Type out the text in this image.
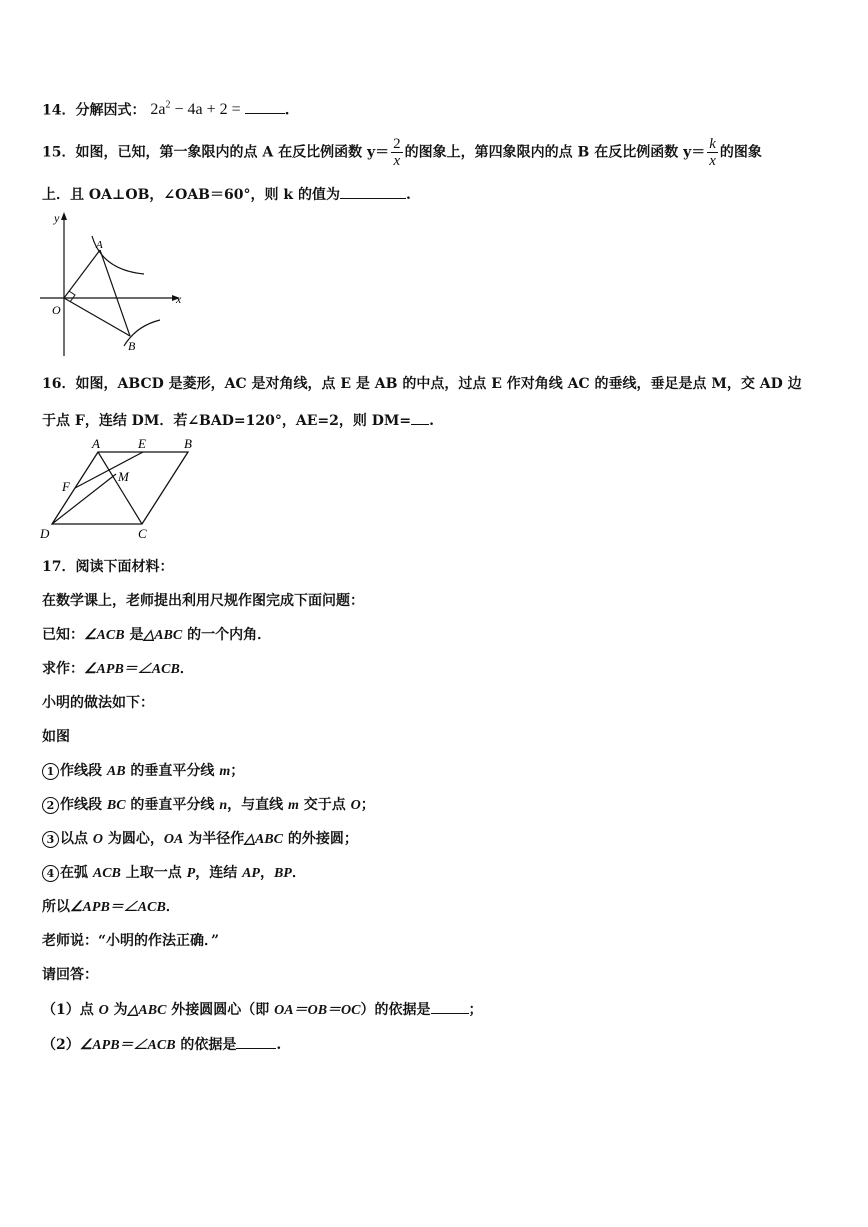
14．分解因式： $2a^2 - 4a + 2$ =	.
15．如图，已知，第一象限内的点 A 在反比例函数 $y= \frac{2}{x}$ 的图象上，第四象限内的点 B 在反比例函数 $y= \frac{k}{x}$ 的图象
上．且 OA⊥OB，∠OAB＝60°，则 k 的值为	.
y
x
O
A
B
16．如图，ABCD 是菱形，AC 是对角线，点 E 是 AB 的中点，过点 E 作对角线 AC 的垂线，垂足是点 M，交 AD 边
于点 F，连结 DM．若∠BAD=120°，AE=2，则 DM= .
A	E	B
F
M
D	C
17．阅读下面材料：
在数学课上，老师提出利用尺规作图完成下面问题：
已知：∠ACB 是△ABC 的一个内角．
求作：∠APB＝∠ACB．
小明的做法如下：
如图
1 作线段 AB 的垂直平分线 m；
2 作线段 BC 的垂直平分线 n，与直线 m 交于点 O；
3 以点 O 为圆心，OA 为半径作△ABC 的外接圆；
4 在弧 ACB 上取一点 P，连结 AP，BP．
所以∠APB＝∠ACB．
老师说：“小明的作法正确．”
请回答：
（1）点 O 为△ABC 外接圆圆心（即 OA＝OB＝OC）的依据是	；
（2）∠APB＝∠ACB 的依据是	.
